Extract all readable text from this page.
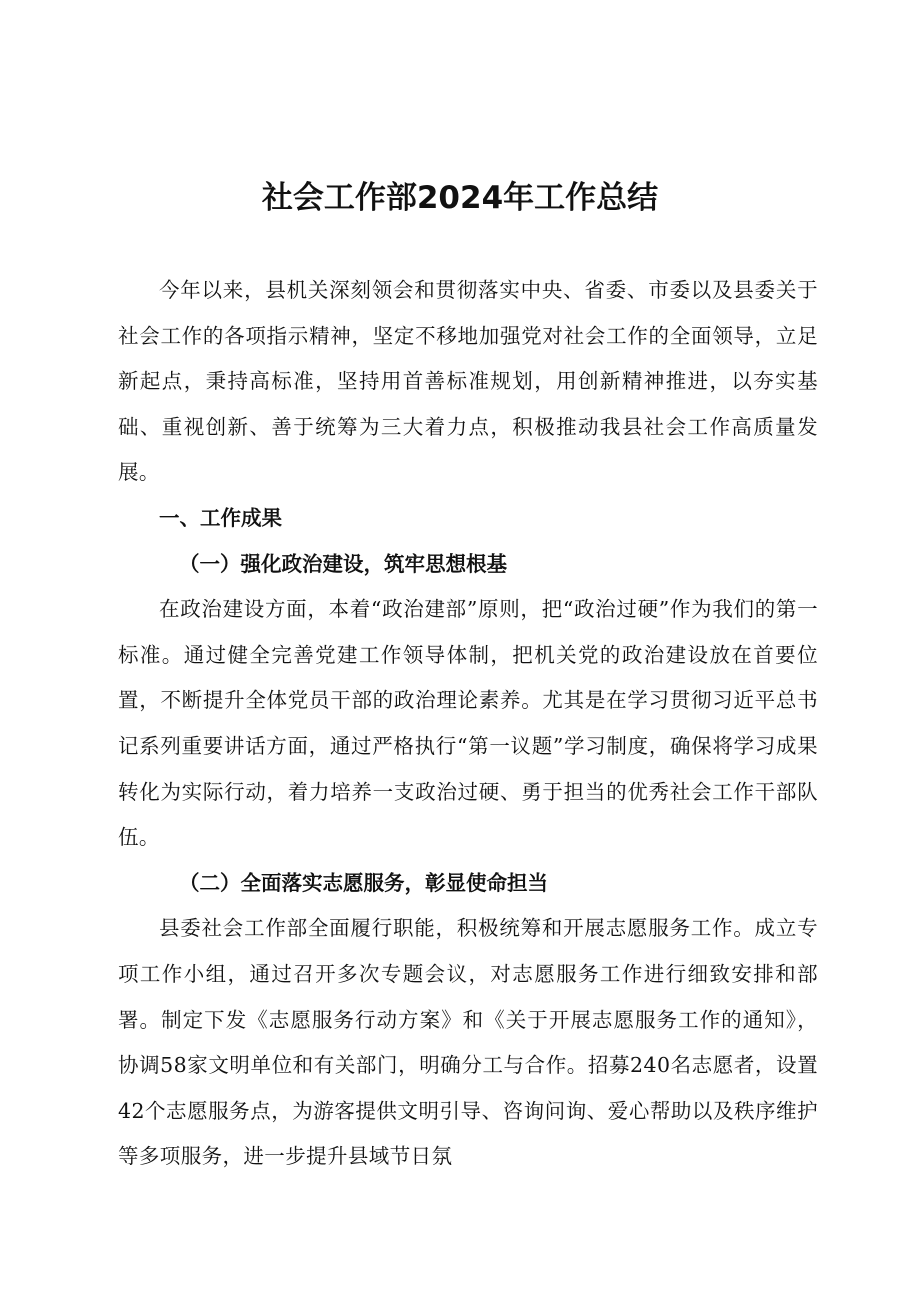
社会工作部2024年工作总结

今年以来，县机关深刻领会和贯彻落实中央、省委、市委以及县委关于社会工作的各项指示精神，坚定不移地加强党对社会工作的全面领导，立足新起点，秉持高标准，坚持用首善标准规划，用创新精神推进，以夯实基础、重视创新、善于统筹为三大着力点，积极推动我县社会工作高质量发展。

一、工作成果

（一）强化政治建设，筑牢思想根基

在政治建设方面，本着“政治建部”原则，把“政治过硬”作为我们的第一标准。通过健全完善党建工作领导体制，把机关党的政治建设放在首要位置，不断提升全体党员干部的政治理论素养。尤其是在学习贯彻习近平总书记系列重要讲话方面，通过严格执行“第一议题”学习制度，确保将学习成果转化为实际行动，着力培养一支政治过硬、勇于担当的优秀社会工作干部队伍。

（二）全面落实志愿服务，彰显使命担当

县委社会工作部全面履行职能，积极统筹和开展志愿服务工作。成立专项工作小组，通过召开多次专题会议，对志愿服务工作进行细致安排和部署。制定下发《志愿服务行动方案》和《关于开展志愿服务工作的通知》，协调58家文明单位和有关部门，明确分工与合作。招募240名志愿者，设置42个志愿服务点，为游客提供文明引导、咨询问询、爱心帮助以及秩序维护等多项服务，进一步提升县域节日氛
